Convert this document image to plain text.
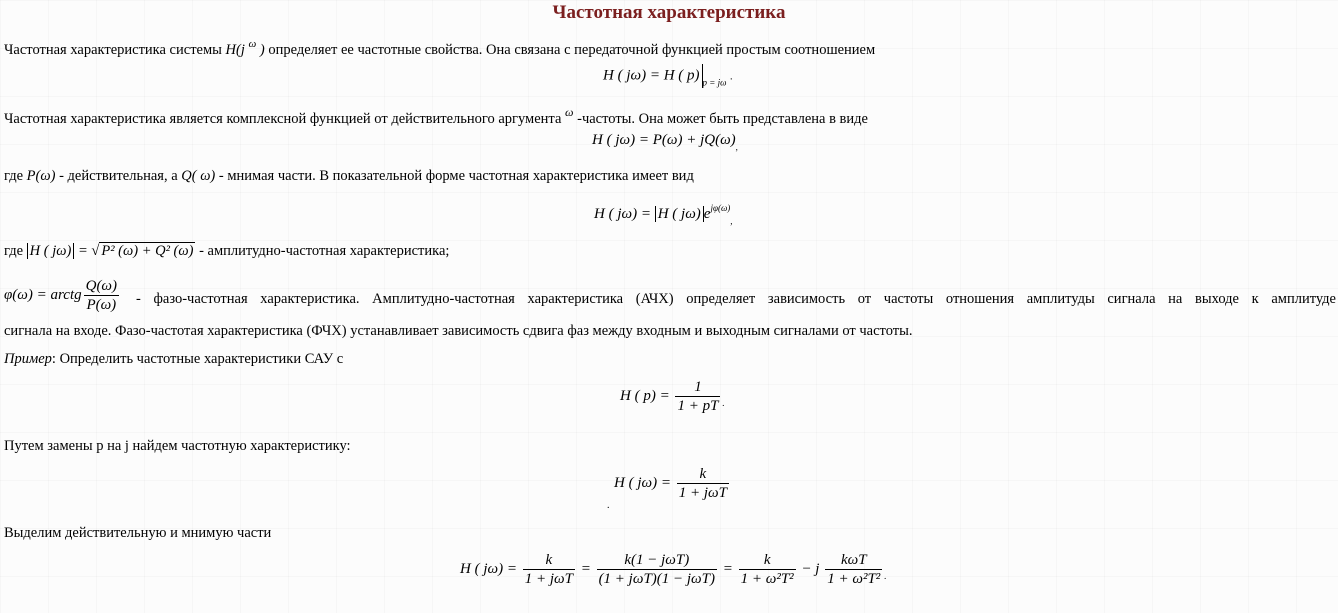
Частотная характеристика
Частотная характеристика системы H(j $^\omega$ ) определяет ее частотные свойства. Она связана с передаточной функцией простым соотношением
H ( jω) = H ( p) $_{p = j\omega}$ .
Частотная характеристика является комплексной функцией от действительного аргумента $^\omega$ -частоты. Она может быть представлена в виде
H ( $j\omega) = P(\omega) + jQ(\omega)_,$
где P(ω) - действительная, а Q( ω) - мнимая части. В показательной форме частотная характеристика имеет вид
H ( jω) = H ( jω) $e^{j\varphi(\omega)}_,$
где H ( jω) = √ P² (ω) + Q² (ω) - амплитудно-частотная характеристика;
φ(ω) = arctg $\frac{Q(\omega)}{P(\omega)}$ - фазо-частотная характеристика. Амплитудно-частотная характеристика (АЧХ) определяет зависимость от частоты отношения амплитуды сигнала на выходе к амплитуде
сигнала на входе. Фазо-частотая характеристика (ФЧХ) устанавливает зависимость сдвига фаз между входным и выходным сигналами от частоты.
Пример: Определить частотные характеристики САУ с
H ( $p) = \frac{1}{1 + pT} _.$
Путем замены p на j найдем частотную характеристику:
H ( $j\omega) = \frac{k}{\text{1 + jωT}}$
.
Выделим действительную и мнимую части
H ( $j\omega) = \frac{k}{\text{1 + jωT}} = \frac{\text{k(1 − jωT)}}{\text{(1 + jωT)(1 − jωT)}} = \frac{k}{\text{1 + ω²T²}} - j \frac{\text{kωT}}{\text{1 + ω²T²}} _.$
